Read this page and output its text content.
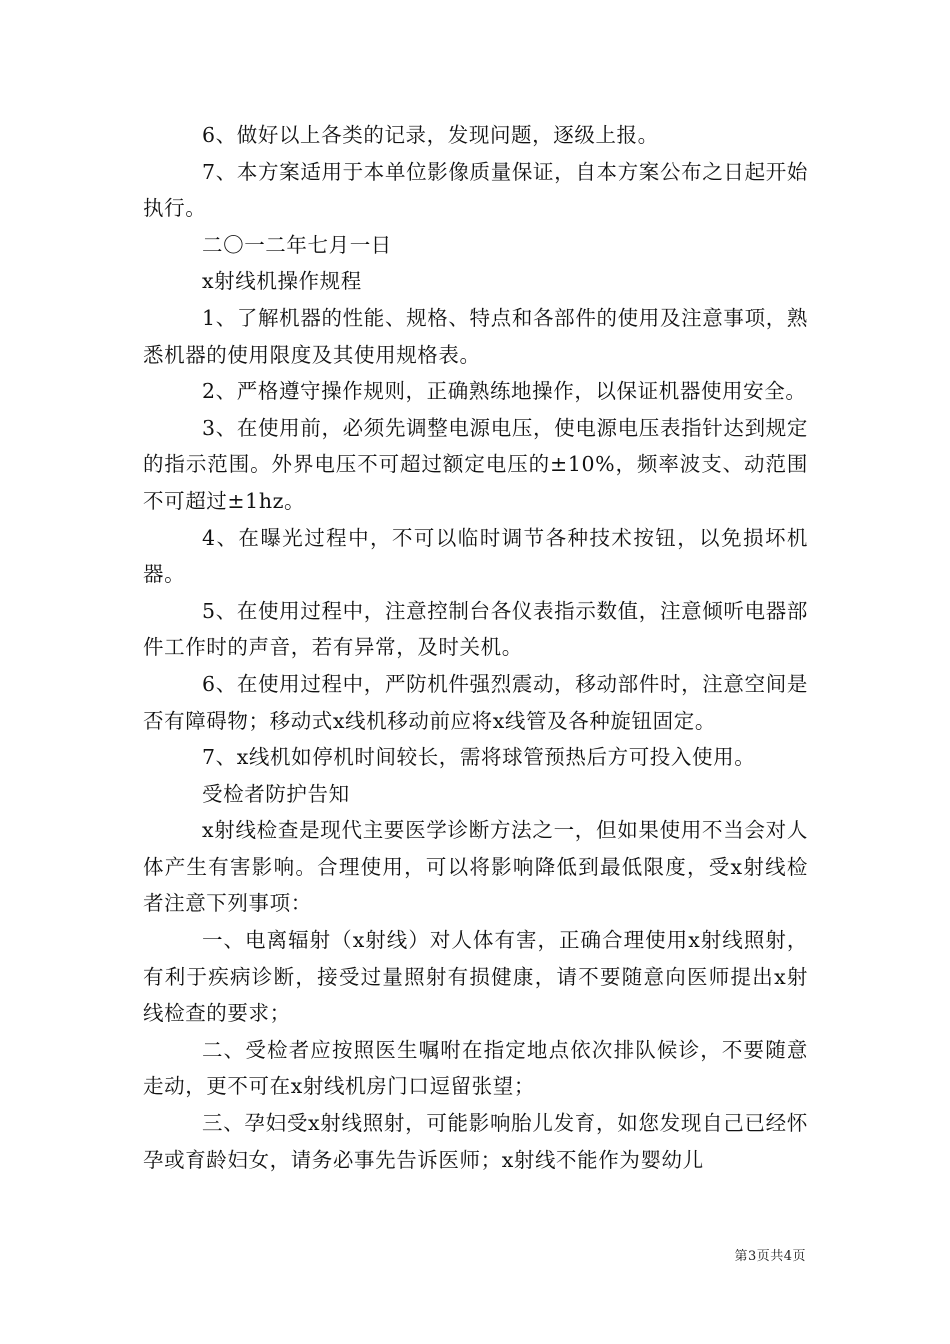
6、做好以上各类的记录，发现问题，逐级上报。

7、本方案适用于本单位影像质量保证，自本方案公布之日起开始执行。

二〇一二年七月一日

x射线机操作规程

1、了解机器的性能、规格、特点和各部件的使用及注意事项，熟悉机器的使用限度及其使用规格表。

2、严格遵守操作规则，正确熟练地操作，以保证机器使用安全。

3、在使用前，必须先调整电源电压，使电源电压表指针达到规定的指示范围。外界电压不可超过额定电压的±10%，频率波支、动范围不可超过±1hz。

4、在曝光过程中，不可以临时调节各种技术按钮，以免损坏机器。

5、在使用过程中，注意控制台各仪表指示数值，注意倾听电器部件工作时的声音，若有异常，及时关机。

6、在使用过程中，严防机件强烈震动，移动部件时，注意空间是否有障碍物；移动式x线机移动前应将x线管及各种旋钮固定。

7、x线机如停机时间较长，需将球管预热后方可投入使用。

受检者防护告知

x射线检查是现代主要医学诊断方法之一，但如果使用不当会对人体产生有害影响。合理使用，可以将影响降低到最低限度，受x射线检者注意下列事项：

一、电离辐射（x射线）对人体有害，正确合理使用x射线照射，有利于疾病诊断，接受过量照射有损健康，请不要随意向医师提出x射线检查的要求；

二、受检者应按照医生嘱咐在指定地点依次排队候诊，不要随意走动，更不可在x射线机房门口逗留张望；

三、孕妇受x射线照射，可能影响胎儿发育，如您发现自己已经怀孕或育龄妇女，请务必事先告诉医师；x射线不能作为婴幼儿

第3页共4页
